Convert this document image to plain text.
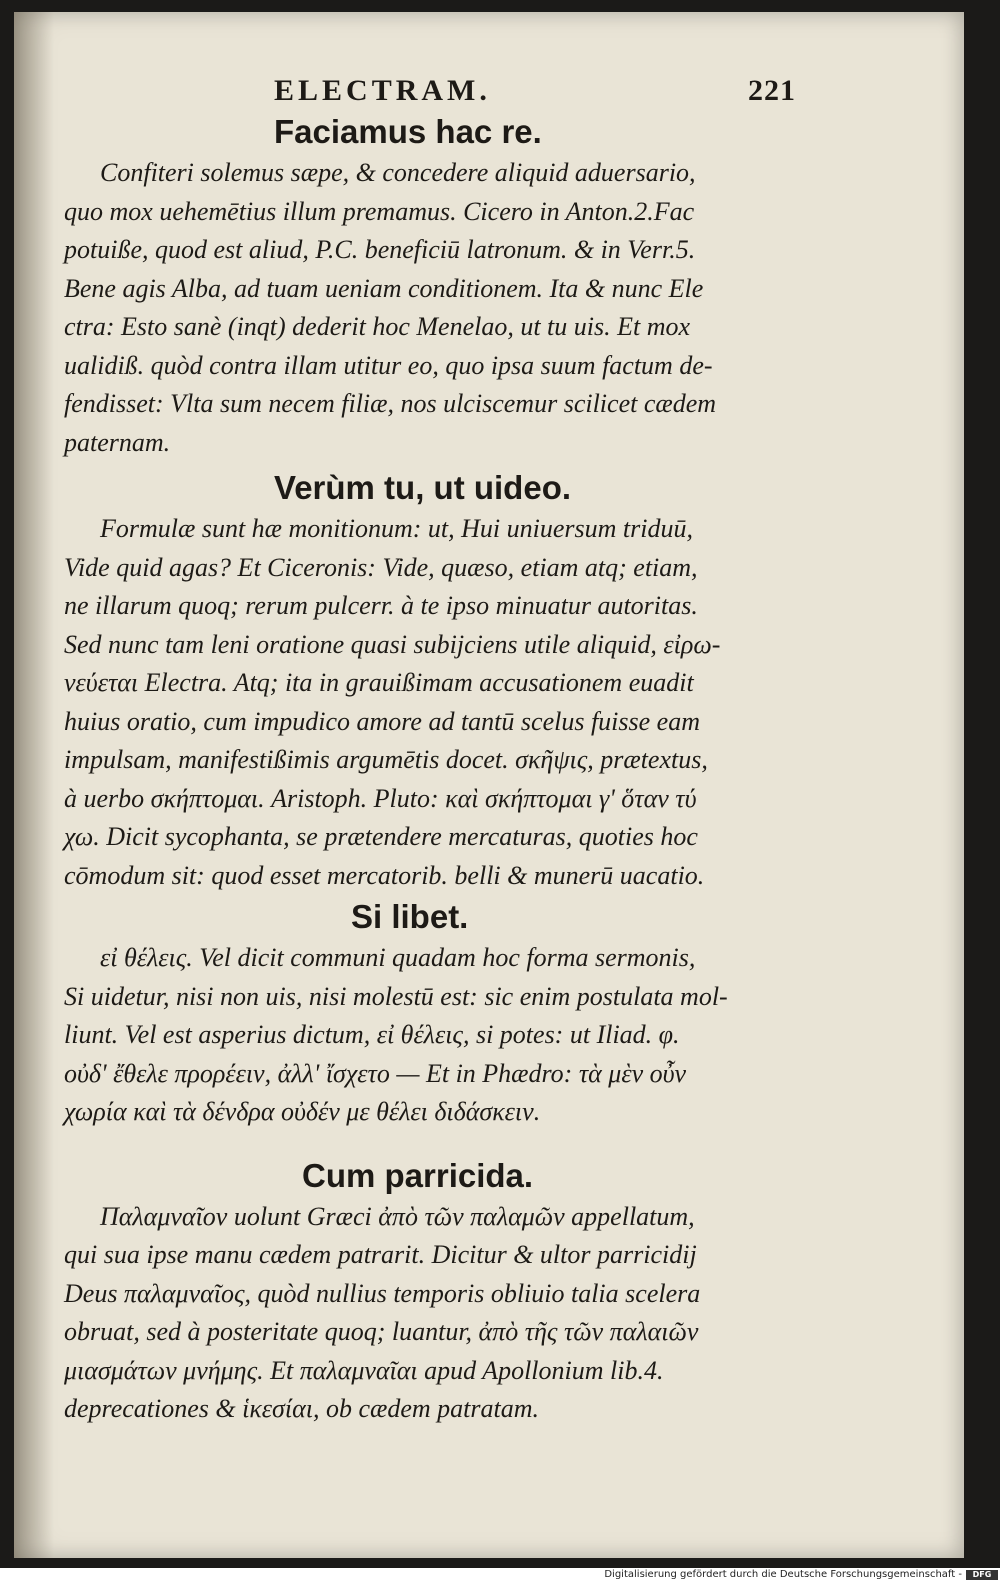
ELECTRAM.	221
Faciamus hac re.

Confiteri solemus sæpe, & concedere aliquid aduersario,
quo mox uehemētius illum premamus. Cicero in Anton.2.Fac
potuiße, quod est aliud, P.C. beneficiū latronum. & in Verr.5.
Bene agis Alba, ad tuam ueniam conditionem. Ita & nunc Ele
ctra: Esto sanè (inqt) dederit hoc Menelao, ut tu uis. Et mox
ualidiß. quòd contra illam utitur eo, quo ipsa suum factum de-
fendisset: Vlta sum necem filiæ, nos ulciscemur scilicet cædem
paternam.

Verùm tu, ut uideo.

Formulæ sunt hæ monitionum: ut, Hui uniuersum triduū,
Vide quid agas? Et Ciceronis: Vide, quæso, etiam atq; etiam,
ne illarum quoq; rerum pulcerr. à te ipso minuatur autoritas.
Sed nunc tam leni oratione quasi subijciens utile aliquid, εἰρω-
νεύεται Electra. Atq; ita in grauißimam accusationem euadit
huius oratio, cum impudico amore ad tantū scelus fuisse eam
impulsam, manifestißimis argumētis docet. σκῆψις, prætextus,
à uerbo σκήπτομαι. Aristoph. Pluto: καὶ σκήπτομαι γ' ὅταν τύ
χω. Dicit sycophanta, se prætendere mercaturas, quoties hoc
cōmodum sit: quod esset mercatorib. belli & munerū uacatio.

Si libet.

εἰ θέλεις. Vel dicit communi quadam hoc forma sermonis,
Si uidetur, nisi non uis, nisi molestū est: sic enim postulata mol-
liunt. Vel est asperius dictum, εἰ θέλεις, si potes: ut Iliad. φ.
οὐδ' ἔθελε προρέειν, ἀλλ' ἴσχετο — Et in Phædro: τὰ μὲν οὖν
χωρία καὶ τὰ δένδρα οὐδέν με θέλει διδάσκειν.

Cum parricida.

Παλαμναῖον uolunt Græci ἀπὸ τῶν παλαμῶν appellatum,
qui sua ipse manu cædem patrarit. Dicitur & ultor parricidij
Deus παλαμναῖος, quòd nullius temporis obliuio talia scelera
obruat, sed à posteritate quoq; luantur, ἀπὸ τῆς τῶν παλαιῶν
μιασμάτων μνήμης. Et παλαμναῖαι apud Apollonium lib.4.
deprecationes & ἱκεσίαι, ob cædem patratam.

Digitalisierung gefördert durch die Deutsche Forschungsgemeinschaft -	DFG
